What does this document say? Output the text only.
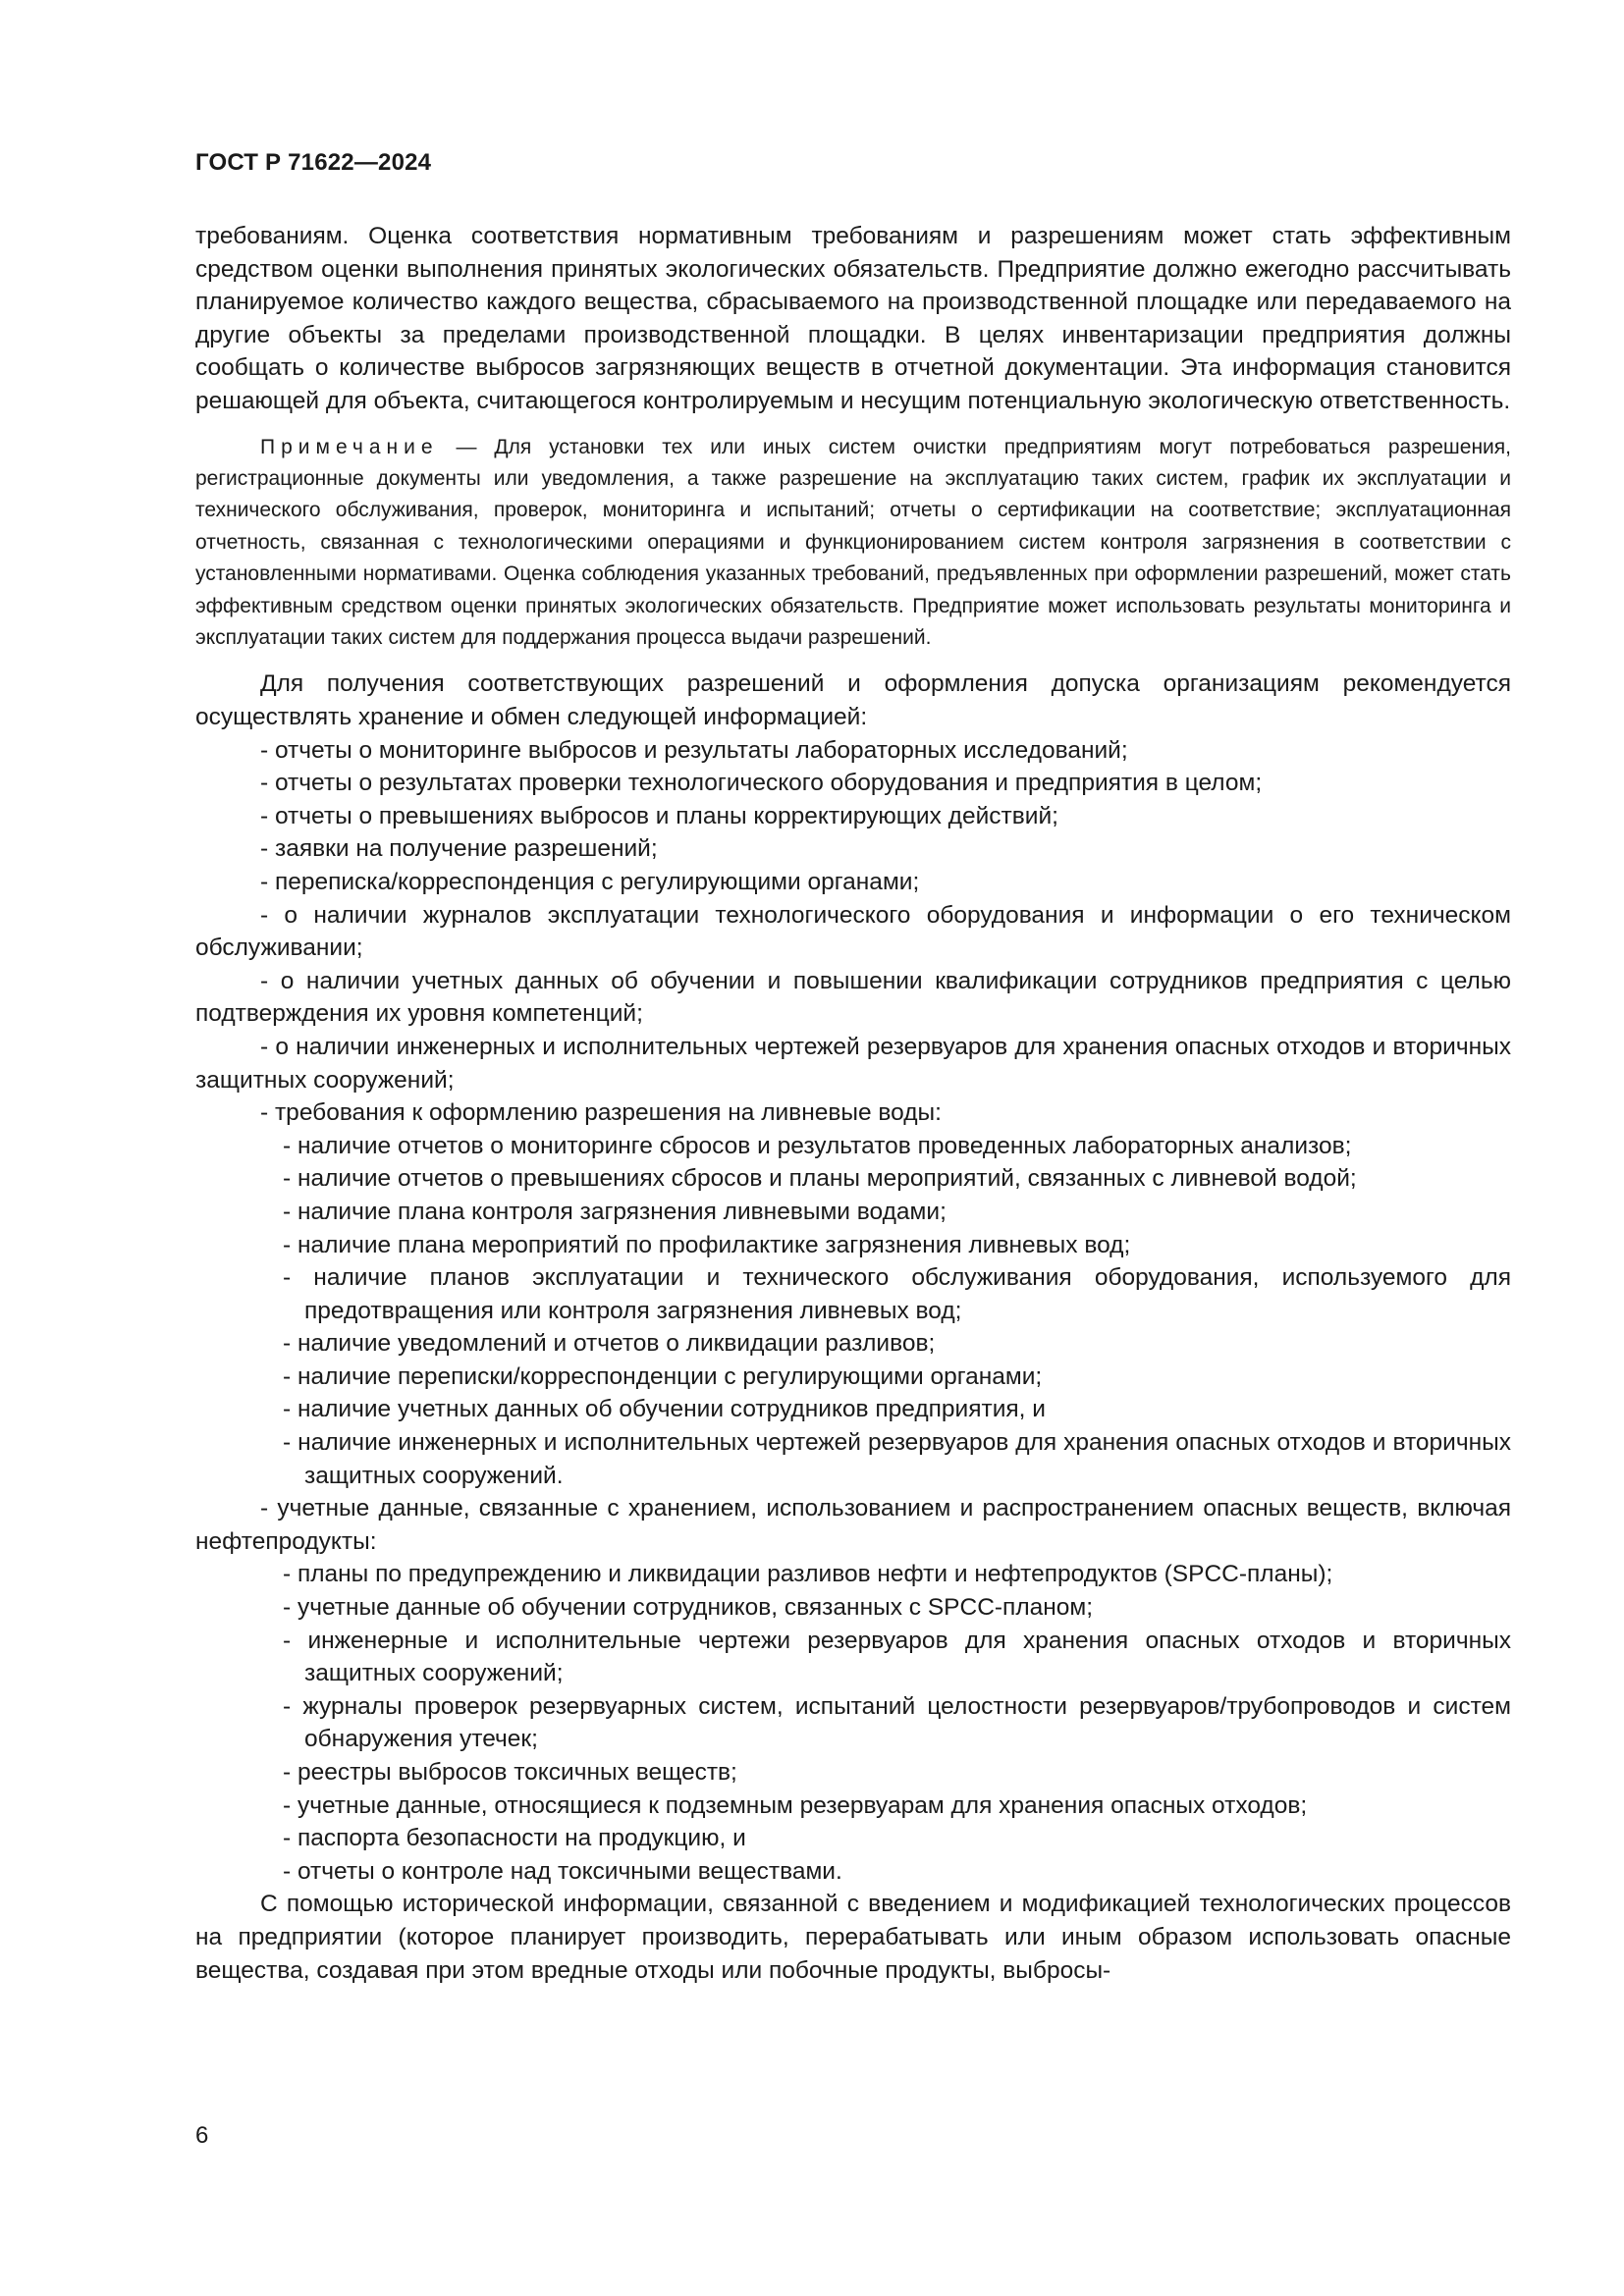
ГОСТ Р 71622—2024

требованиям. Оценка соответствия нормативным требованиям и разрешениям может стать эффективным средством оценки выполнения принятых экологических обязательств. Предприятие должно ежегодно рассчитывать планируемое количество каждого вещества, сбрасываемого на производственной площадке или передаваемого на другие объекты за пределами производственной площадки. В целях инвентаризации предприятия должны сообщать о количестве выбросов загрязняющих веществ в отчетной документации. Эта информация становится решающей для объекта, считающегося контролируемым и несущим потенциальную экологическую ответственность.

Примечание — Для установки тех или иных систем очистки предприятиям могут потребоваться разрешения, регистрационные документы или уведомления, а также разрешение на эксплуатацию таких систем, график их эксплуатации и технического обслуживания, проверок, мониторинга и испытаний; отчеты о сертификации на соответствие; эксплуатационная отчетность, связанная с технологическими операциями и функционированием систем контроля загрязнения в соответствии с установленными нормативами. Оценка соблюдения указанных требований, предъявленных при оформлении разрешений, может стать эффективным средством оценки принятых экологических обязательств. Предприятие может использовать результаты мониторинга и эксплуатации таких систем для поддержания процесса выдачи разрешений.

Для получения соответствующих разрешений и оформления допуска организациям рекомендуется осуществлять хранение и обмен следующей информацией:

- отчеты о мониторинге выбросов и результаты лабораторных исследований;

- отчеты о результатах проверки технологического оборудования и предприятия в целом;

- отчеты о превышениях выбросов и планы корректирующих действий;

- заявки на получение разрешений;

- переписка/корреспонденция с регулирующими органами;

- о наличии журналов эксплуатации технологического оборудования и информации о его техническом обслуживании;

- о наличии учетных данных об обучении и повышении квалификации сотрудников предприятия с целью подтверждения их уровня компетенций;

- о наличии инженерных и исполнительных чертежей резервуаров для хранения опасных отходов и вторичных защитных сооружений;

- требования к оформлению разрешения на ливневые воды:

- наличие отчетов о мониторинге сбросов и результатов проведенных лабораторных анализов;

- наличие отчетов о превышениях сбросов и планы мероприятий, связанных с ливневой водой;

- наличие плана контроля загрязнения ливневыми водами;

- наличие плана мероприятий по профилактике загрязнения ливневых вод;

- наличие планов эксплуатации и технического обслуживания оборудования, используемого для предотвращения или контроля загрязнения ливневых вод;

- наличие уведомлений и отчетов о ликвидации разливов;

- наличие переписки/корреспонденции с регулирующими органами;

- наличие учетных данных об обучении сотрудников предприятия, и

- наличие инженерных и исполнительных чертежей резервуаров для хранения опасных отходов и вторичных защитных сооружений.

- учетные данные, связанные с хранением, использованием и распространением опасных веществ, включая нефтепродукты:

- планы по предупреждению и ликвидации разливов нефти и нефтепродуктов (SPCC-планы);

- учетные данные об обучении сотрудников, связанных с SPCC-планом;

- инженерные и исполнительные чертежи резервуаров для хранения опасных отходов и вторичных защитных сооружений;

- журналы проверок резервуарных систем, испытаний целостности резервуаров/трубопроводов и систем обнаружения утечек;

- реестры выбросов токсичных веществ;

- учетные данные, относящиеся к подземным резервуарам для хранения опасных отходов;

- паспорта безопасности на продукцию, и

- отчеты о контроле над токсичными веществами.

С помощью исторической информации, связанной с введением и модификацией технологических процессов на предприятии (которое планирует производить, перерабатывать или иным образом использовать опасные вещества, создавая при этом вредные отходы или побочные продукты, выбросы-

6
